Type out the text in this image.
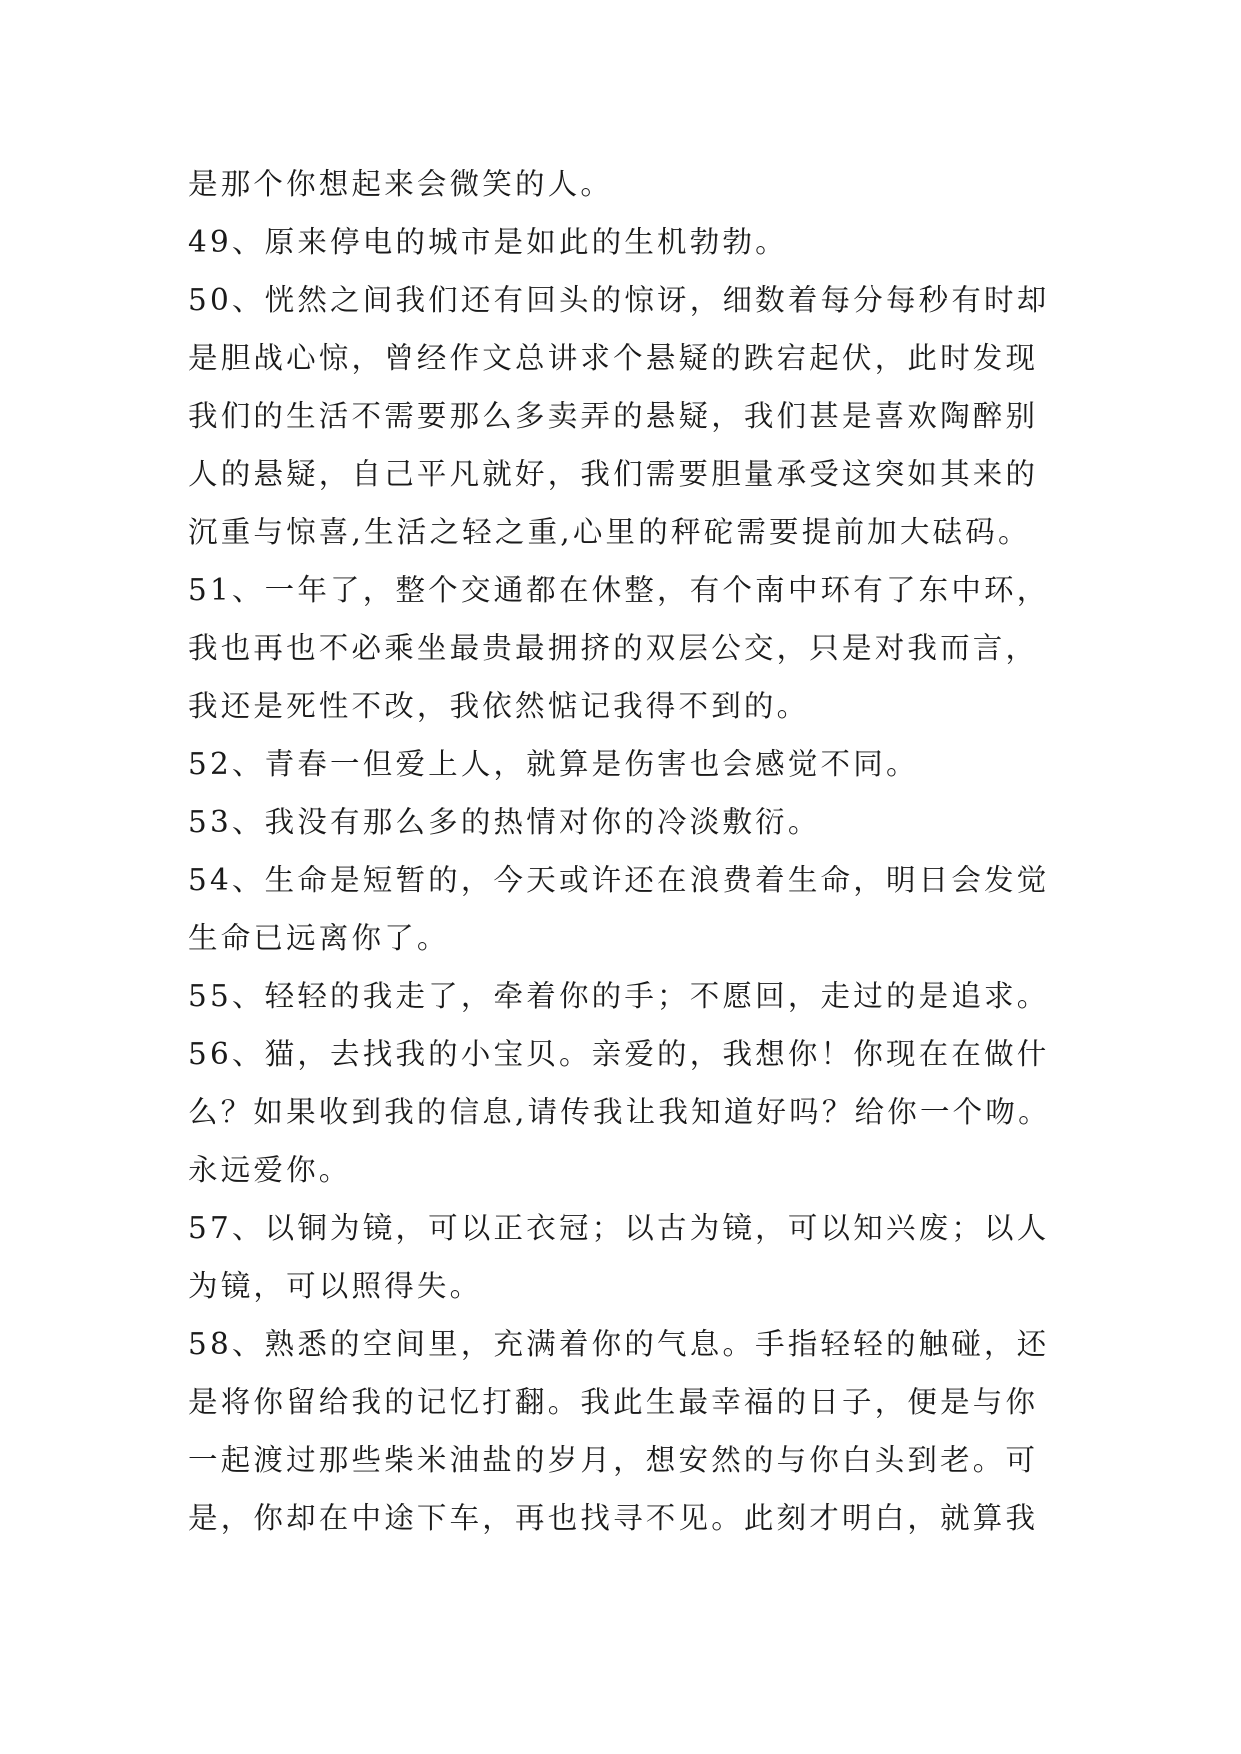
是那个你想起来会微笑的人。
49、原来停电的城市是如此的生机勃勃。
50、恍然之间我们还有回头的惊讶，细数着每分每秒有时却
是胆战心惊，曾经作文总讲求个悬疑的跌宕起伏，此时发现
我们的生活不需要那么多卖弄的悬疑，我们甚是喜欢陶醉别
人的悬疑，自己平凡就好，我们需要胆量承受这突如其来的
沉重与惊喜,生活之轻之重,心里的秤砣需要提前加大砝码。
51、一年了，整个交通都在休整，有个南中环有了东中环，
我也再也不必乘坐最贵最拥挤的双层公交，只是对我而言，
我还是死性不改，我依然惦记我得不到的。
52、青春一但爱上人，就算是伤害也会感觉不同。
53、我没有那么多的热情对你的冷淡敷衍。
54、生命是短暂的，今天或许还在浪费着生命，明日会发觉
生命已远离你了。
55、轻轻的我走了，牵着你的手；不愿回，走过的是追求。
56、猫，去找我的小宝贝。亲爱的，我想你！你现在在做什
么？如果收到我的信息,请传我让我知道好吗？给你一个吻。
永远爱你。
57、以铜为镜，可以正衣冠；以古为镜，可以知兴废；以人
为镜，可以照得失。
58、熟悉的空间里，充满着你的气息。手指轻轻的触碰，还
是将你留给我的记忆打翻。我此生最幸福的日子，便是与你
一起渡过那些柴米油盐的岁月，想安然的与你白头到老。可
是，你却在中途下车，再也找寻不见。此刻才明白，就算我
